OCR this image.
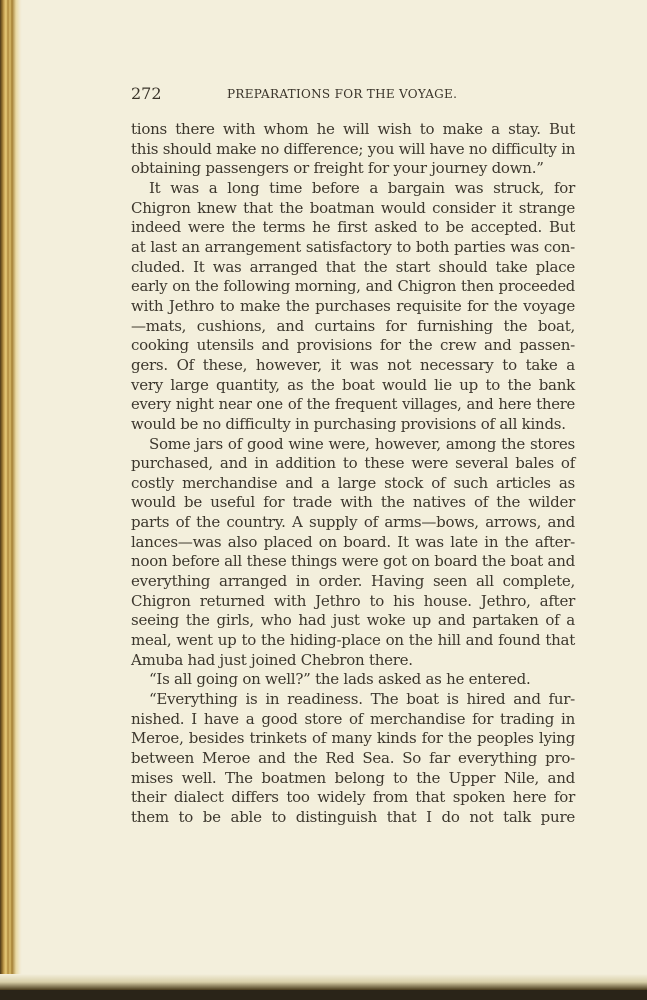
272	PREPARATIONS FOR THE VOYAGE.
tions there with whom he will wish to make a stay. But
this should make no difference; you will have no difficulty in
obtaining passengers or freight for your journey down.”
It was a long time before a bargain was struck, for
Chigron knew that the boatman would consider it strange
indeed were the terms he first asked to be accepted. But
at last an arrangement satisfactory to both parties was con-
cluded. It was arranged that the start should take place
early on the following morning, and Chigron then proceeded
with Jethro to make the purchases requisite for the voyage
—mats, cushions, and curtains for furnishing the boat,
cooking utensils and provisions for the crew and passen-
gers. Of these, however, it was not necessary to take a
very large quantity, as the boat would lie up to the bank
every night near one of the frequent villages, and here there
would be no difficulty in purchasing provisions of all kinds.
Some jars of good wine were, however, among the stores
purchased, and in addition to these were several bales of
costly merchandise and a large stock of such articles as
would be useful for trade with the natives of the wilder
parts of the country. A supply of arms—bows, arrows, and
lances—was also placed on board. It was late in the after-
noon before all these things were got on board the boat and
everything arranged in order. Having seen all complete,
Chigron returned with Jethro to his house. Jethro, after
seeing the girls, who had just woke up and partaken of a
meal, went up to the hiding-place on the hill and found that
Amuba had just joined Chebron there.
“Is all going on well?” the lads asked as he entered.
“Everything is in readiness. The boat is hired and fur-
nished. I have a good store of merchandise for trading in
Meroe, besides trinkets of many kinds for the peoples lying
between Meroe and the Red Sea. So far everything pro-
mises well. The boatmen belong to the Upper Nile, and
their dialect differs too widely from that spoken here for
them to be able to distinguish that I do not talk pure
